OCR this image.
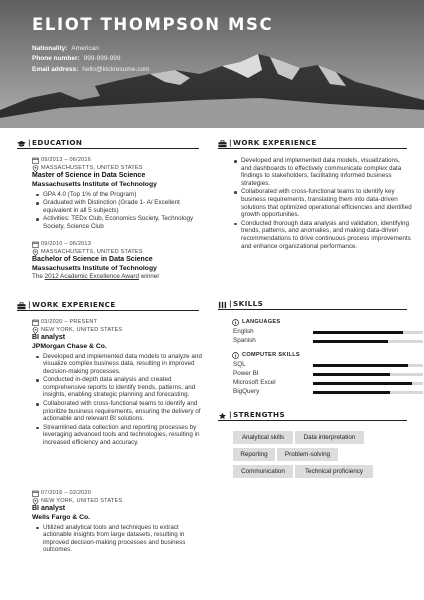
ELIOT THOMPSON MSC
Nationality: American
Phone number: 999-999-999
Email address: hello@kickresume.com
| EDUCATION
09/2013 – 06/2016
MASSACHUSETTS, UNITED STATES
Master of Science in Data Science
Massachusetts Institute of Technology
GPA 4.0 (Top 1% of the Program)
Graduated with Distinction (Grade 1- A/ Excellent equivalent in all 5 subjects)
Activities: TEDx Club, Economics Society, Technology Society, Science Club
09/2010 – 06/2013
MASSACHUSETTS, UNITED STATES
Bachelor of Science in Data Science
Massachusetts Institute of Technology
The 2012 Academic Excellence Award winner
| WORK EXPERIENCE
03/2020 – PRESENT
NEW YORK, UNITED STATES
BI analyst
JPMorgan Chase & Co.
Developed and implemented data models to analyze and visualize complex business data, resulting in improved decision-making processes.
Conducted in-depth data analysis and created comprehensive reports to identify trends, patterns, and insights, enabling strategic planning and forecasting.
Collaborated with cross-functional teams to identify and prioritize business requirements, ensuring the delivery of actionable and relevant BI solutions.
Streamlined data collection and reporting processes by leveraging advanced tools and technologies, resulting in increased efficiency and accuracy.
07/2016 – 02/2020
NEW YORK, UNITED STATES
BI analyst
Wells Fargo & Co.
Utilized analytical tools and techniques to extract actionable insights from large datasets, resulting in improved decision-making processes and business outcomes.
| WORK EXPERIENCE
Developed and implemented data models, visualizations, and dashboards to effectively communicate complex data findings to stakeholders, facilitating informed business strategies.
Collaborated with cross-functional teams to identify key business requirements, translating them into data-driven solutions that optimized operational efficiencies and identified growth opportunities.
Conducted thorough data analysis and validation, identifying trends, patterns, and anomalies, and making data-driven recommendations to drive continuous process improvements and enhance organizational performance.
| SKILLS
LANGUAGES
English
Spanish
COMPUTER SKILLS
SQL
Power BI
Microsoft Excel
BigQuery
| STRENGTHS
Analytical skills	Data interpretation
Reporting	Problem-solving
Communication	Technical proficiency
